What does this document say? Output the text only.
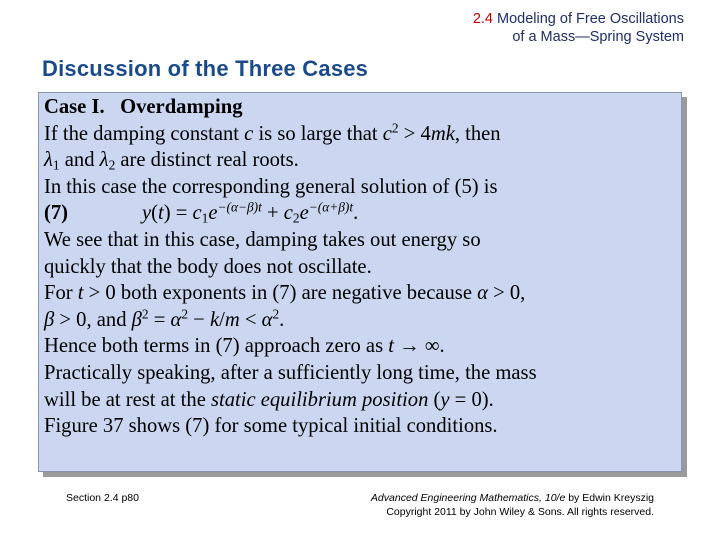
2.4 Modeling of Free Oscillations
of a Mass—Spring System
Discussion of the Three Cases
Case I. Overdamping
If the damping constant c is so large that $c^2 > 4mk$, then
$\lambda_1$ and $\lambda_2$ are distinct real roots.
In this case the corresponding general solution of (5) is
(7)	$y(t) = c_1e^{-(\alpha-\beta)t} + c_2e^{-(\alpha+\beta)t}$.
We see that in this case, damping takes out energy so
quickly that the body does not oscillate.
For t > 0 both exponents in (7) are negative because α > 0,
β > 0, and $\beta^2 = \alpha^2 - k/m < \alpha^2$.
Hence both terms in (7) approach zero as t → ∞.
Practically speaking, after a sufficiently long time, the mass
will be at rest at the static equilibrium position (y = 0).
Figure 37 shows (7) for some typical initial conditions.
Section 2.4 p80	Advanced Engineering Mathematics, 10/e by Edwin Kreyszig
Copyright 2011 by John Wiley & Sons. All rights reserved.
